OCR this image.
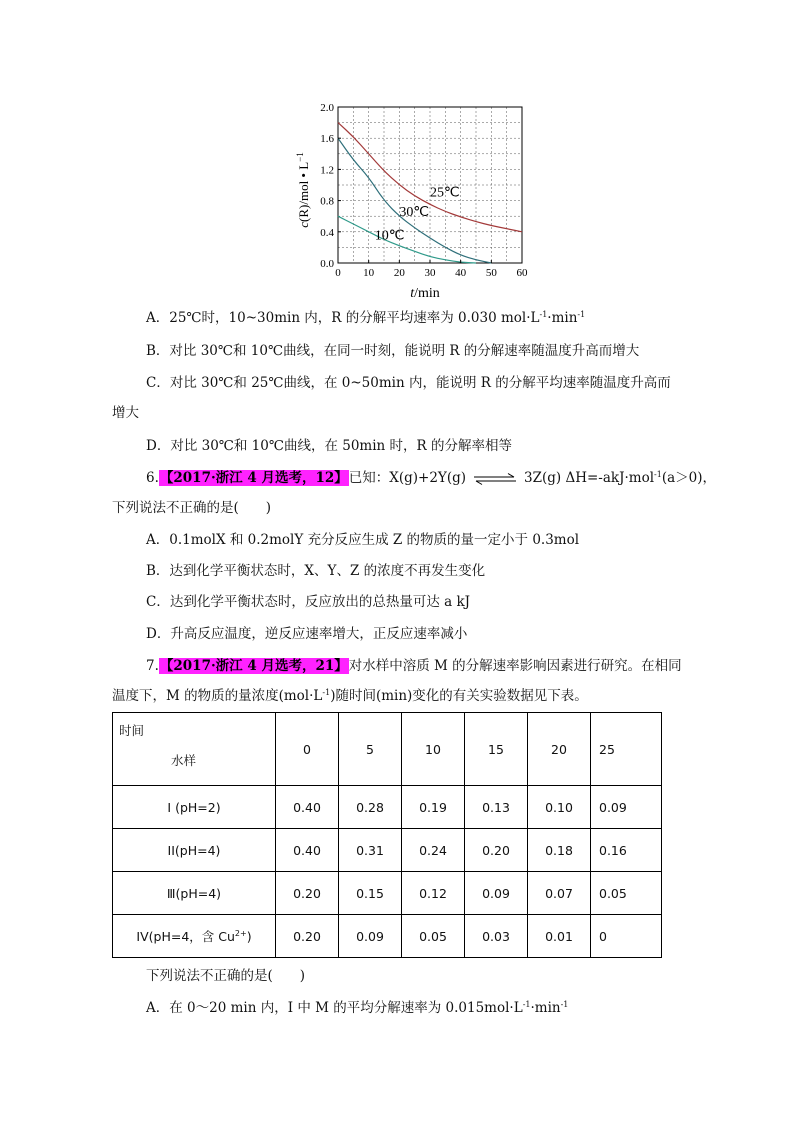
0 10 20 30 40 50 60
0.0
0.4
0.8
1.2
1.6
2.0
25℃
30℃
10℃
t/min
c(R)/mol • $L^{-1}$
A．25℃时，10~30min 内，R 的分解平均速率为 0.030 $mol\cdot L^{-1}\cdot\min^{-1}$
B．对比 30℃和 10℃曲线，在同一时刻，能说明 R 的分解速率随温度升高而增大
C．对比 30℃和 25℃曲线，在 0~50min 内，能说明 R 的分解平均速率随温度升高而
增大
D．对比 30℃和 10℃曲线，在 50min 时，R 的分解率相等
6.【2017·浙江 4 月选考，12】已知：X(g)+2Y(g) ⇌ 3Z(g) ΔH=-akJ·mol$^{-1}$(a＞0)，
下列说法不正确的是(　　)
A．0.1molX 和 0.2molY 充分反应生成 Z 的物质的量一定小于 0.3mol
B．达到化学平衡状态时，X、Y、Z 的浓度不再发生变化
C．达到化学平衡状态时，反应放出的总热量可达 a kJ
D．升高反应温度，逆反应速率增大，正反应速率减小
7.【2017·浙江 4 月选考，21】对水样中溶质 M 的分解速率影响因素进行研究。在相同
温度下，M 的物质的量浓度$(mol\cdot L^{-1})$随时间(min)变化的有关实验数据见下表。
时间
水样	0	5	10	15	20	25
I (pH=2)	0.40	0.28	0.19	0.13	0.10	0.09
II(pH=4)	0.40	0.31	0.24	0.20	0.18	0.16
Ⅲ(pH=4)	0.20	0.15	0.12	0.09	0.07	0.05
IV(pH=4，含 $Cu^{2+}$)	0.20	0.09	0.05	0.03	0.01	0
下列说法不正确的是(　　)
A．在 0～20 min 内，I 中 M 的平均分解速率为 $0.015mol\cdot L^{-1}\cdot\min^{-1}$
